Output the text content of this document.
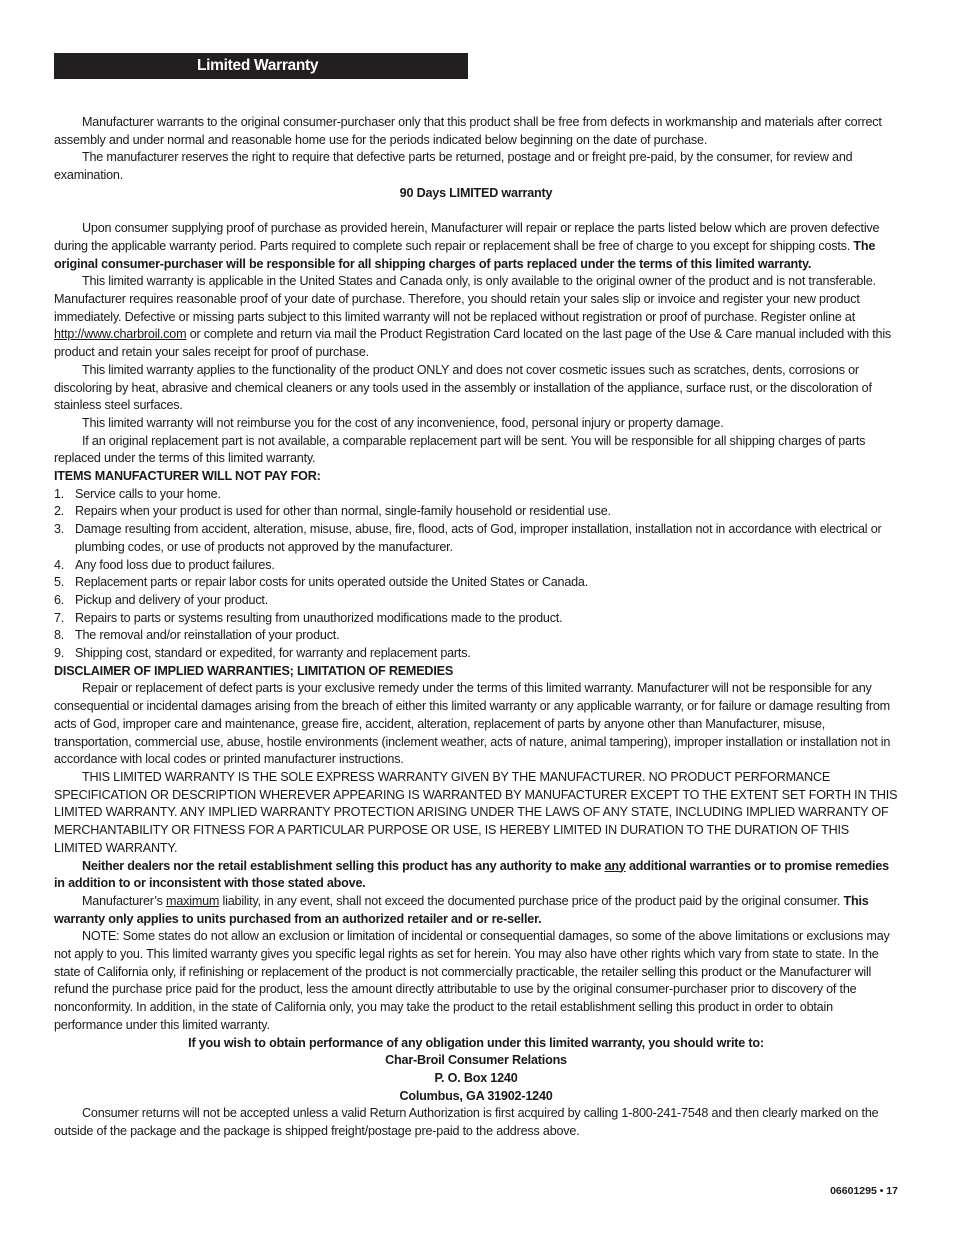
Limited Warranty

Manufacturer warrants to the original consumer-purchaser only that this product shall be free from defects in workmanship and materials after correct assembly and under normal and reasonable home use for the periods indicated below beginning on the date of purchase.

The manufacturer reserves the right to require that defective parts be returned, postage and or freight pre-paid, by the consumer, for review and examination.

90 Days LIMITED warranty

Upon consumer supplying proof of purchase as provided herein, Manufacturer will repair or replace the parts listed below which are proven defective during the applicable warranty period. Parts required to complete such repair or replacement shall be free of charge to you except for shipping costs. The original consumer-purchaser will be responsible for all shipping charges of parts replaced under the terms of this limited warranty.

This limited warranty is applicable in the United States and Canada only, is only available to the original owner of the product and is not transferable. Manufacturer requires reasonable proof of your date of purchase. Therefore, you should retain your sales slip or invoice and register your new product immediately. Defective or missing parts subject to this limited warranty will not be replaced without registration or proof of purchase. Register online at http://www.charbroil.com or complete and return via mail the Product Registration Card located on the last page of the Use & Care manual included with this product and retain your sales receipt for proof of purchase.

This limited warranty applies to the functionality of the product ONLY and does not cover cosmetic issues such as scratches, dents, corrosions or discoloring by heat, abrasive and chemical cleaners or any tools used in the assembly or installation of the appliance, surface rust, or the discoloration of stainless steel surfaces.

This limited warranty will not reimburse you for the cost of any inconvenience, food, personal injury or property damage.

If an original replacement part is not available, a comparable replacement part will be sent. You will be responsible for all shipping charges of parts replaced under the terms of this limited warranty.

ITEMS MANUFACTURER WILL NOT PAY FOR:

1. Service calls to your home.
2. Repairs when your product is used for other than normal, single-family household or residential use.
3. Damage resulting from accident, alteration, misuse, abuse, fire, flood, acts of God, improper installation, installation not in accordance with electrical or plumbing codes, or use of products not approved by the manufacturer.
4. Any food loss due to product failures.
5. Replacement parts or repair labor costs for units operated outside the United States or Canada.
6. Pickup and delivery of your product.
7. Repairs to parts or systems resulting from unauthorized modifications made to the product.
8. The removal and/or reinstallation of your product.
9. Shipping cost, standard or expedited, for warranty and replacement parts.

DISCLAIMER OF IMPLIED WARRANTIES; LIMITATION OF REMEDIES

Repair or replacement of defect parts is your exclusive remedy under the terms of this limited warranty. Manufacturer will not be responsible for any consequential or incidental damages arising from the breach of either this limited warranty or any applicable warranty, or for failure or damage resulting from acts of God, improper care and maintenance, grease fire, accident, alteration, replacement of parts by anyone other than Manufacturer, misuse, transportation, commercial use, abuse, hostile environments (inclement weather, acts of nature, animal tampering), improper installation or installation not in accordance with local codes or printed manufacturer instructions.

THIS LIMITED WARRANTY IS THE SOLE EXPRESS WARRANTY GIVEN BY THE MANUFACTURER. NO PRODUCT PERFORMANCE SPECIFICATION OR DESCRIPTION WHEREVER APPEARING IS WARRANTED BY MANUFACTURER EXCEPT TO THE EXTENT SET FORTH IN THIS LIMITED WARRANTY. ANY IMPLIED WARRANTY PROTECTION ARISING UNDER THE LAWS OF ANY STATE, INCLUDING IMPLIED WARRANTY OF MERCHANTABILITY OR FITNESS FOR A PARTICULAR PURPOSE OR USE, IS HEREBY LIMITED IN DURATION TO THE DURATION OF THIS LIMITED WARRANTY.

Neither dealers nor the retail establishment selling this product has any authority to make any additional warranties or to promise remedies in addition to or inconsistent with those stated above.

Manufacturer’s maximum liability, in any event, shall not exceed the documented purchase price of the product paid by the original consumer. This warranty only applies to units purchased from an authorized retailer and or re-seller.

NOTE: Some states do not allow an exclusion or limitation of incidental or consequential damages, so some of the above limitations or exclusions may not apply to you. This limited warranty gives you specific legal rights as set for herein. You may also have other rights which vary from state to state. In the state of California only, if refinishing or replacement of the product is not commercially practicable, the retailer selling this product or the Manufacturer will refund the purchase price paid for the product, less the amount directly attributable to use by the original consumer-purchaser prior to discovery of the nonconformity. In addition, in the state of California only, you may take the product to the retail establishment selling this product in order to obtain performance under this limited warranty.

If you wish to obtain performance of any obligation under this limited warranty, you should write to:

Char-Broil Consumer Relations

P. O. Box 1240

Columbus, GA 31902-1240

Consumer returns will not be accepted unless a valid Return Authorization is first acquired by calling 1-800-241-7548 and then clearly marked on the outside of the package and the package is shipped freight/postage pre-paid to the address above.

06601295 • 17
